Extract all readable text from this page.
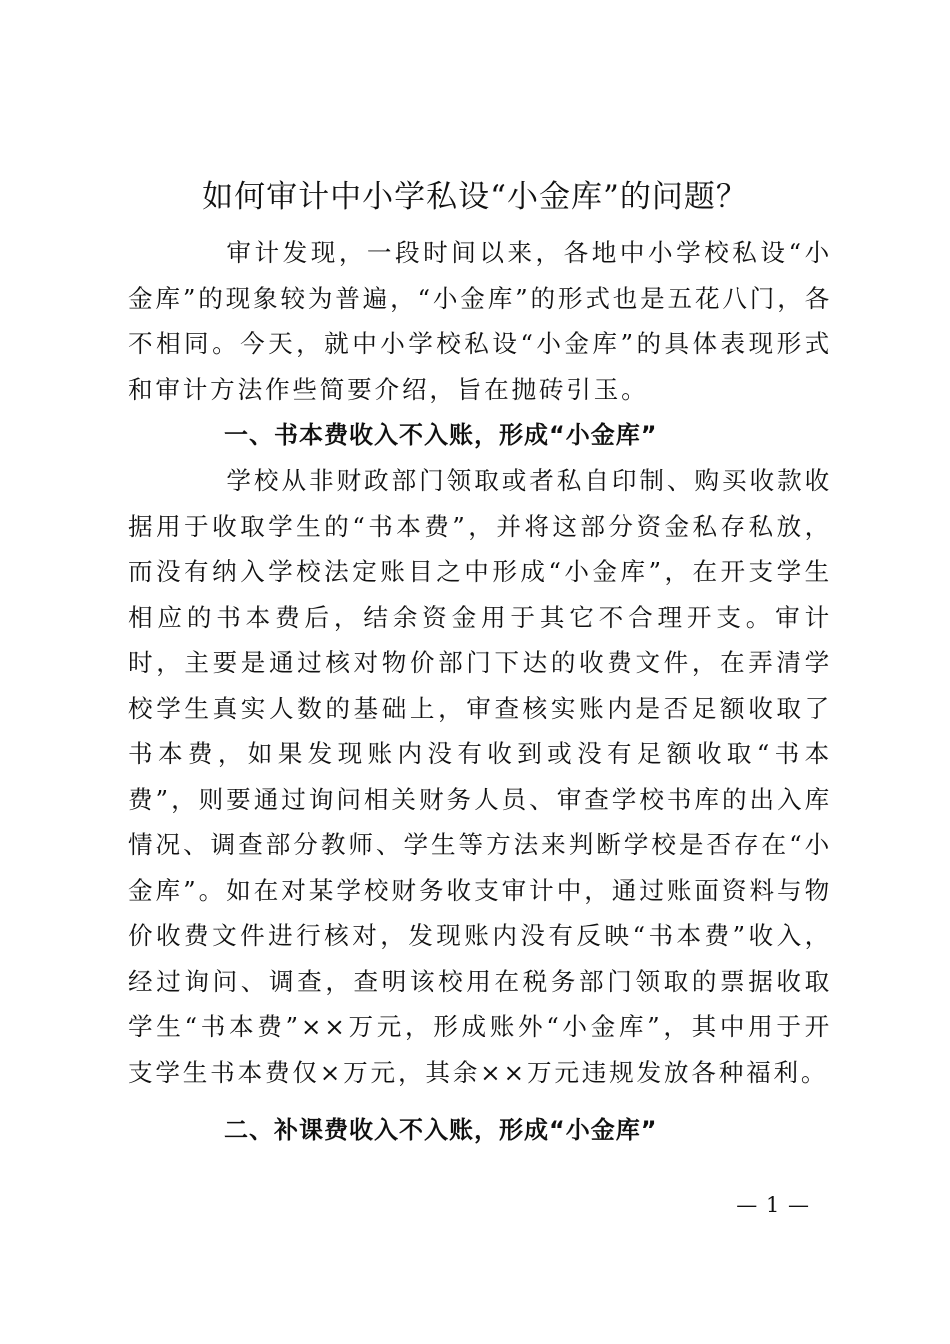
如何审计中小学私设“小金库”的问题？

审计发现，一段时间以来，各地中小学校私设“小金库”的现象较为普遍，“小金库”的形式也是五花八门，各不相同。今天，就中小学校私设“小金库”的具体表现形式和审计方法作些简要介绍，旨在抛砖引玉。

一、书本费收入不入账，形成“小金库”

学校从非财政部门领取或者私自印制、购买收款收据用于收取学生的“书本费”，并将这部分资金私存私放，而没有纳入学校法定账目之中形成“小金库”，在开支学生相应的书本费后，结余资金用于其它不合理开支。审计时，主要是通过核对物价部门下达的收费文件，在弄清学校学生真实人数的基础上，审查核实账内是否足额收取了书本费，如果发现账内没有收到或没有足额收取“书本费”，则要通过询问相关财务人员、审查学校书库的出入库情况、调查部分教师、学生等方法来判断学校是否存在“小金库”。如在对某学校财务收支审计中，通过账面资料与物价收费文件进行核对，发现账内没有反映“书本费”收入，经过询问、调查，查明该校用在税务部门领取的票据收取学生“书本费”××万元，形成账外“小金库”，其中用于开支学生书本费仅×万元，其余××万元违规发放各种福利。

二、补课费收入不入账，形成“小金库”

— 1 —
